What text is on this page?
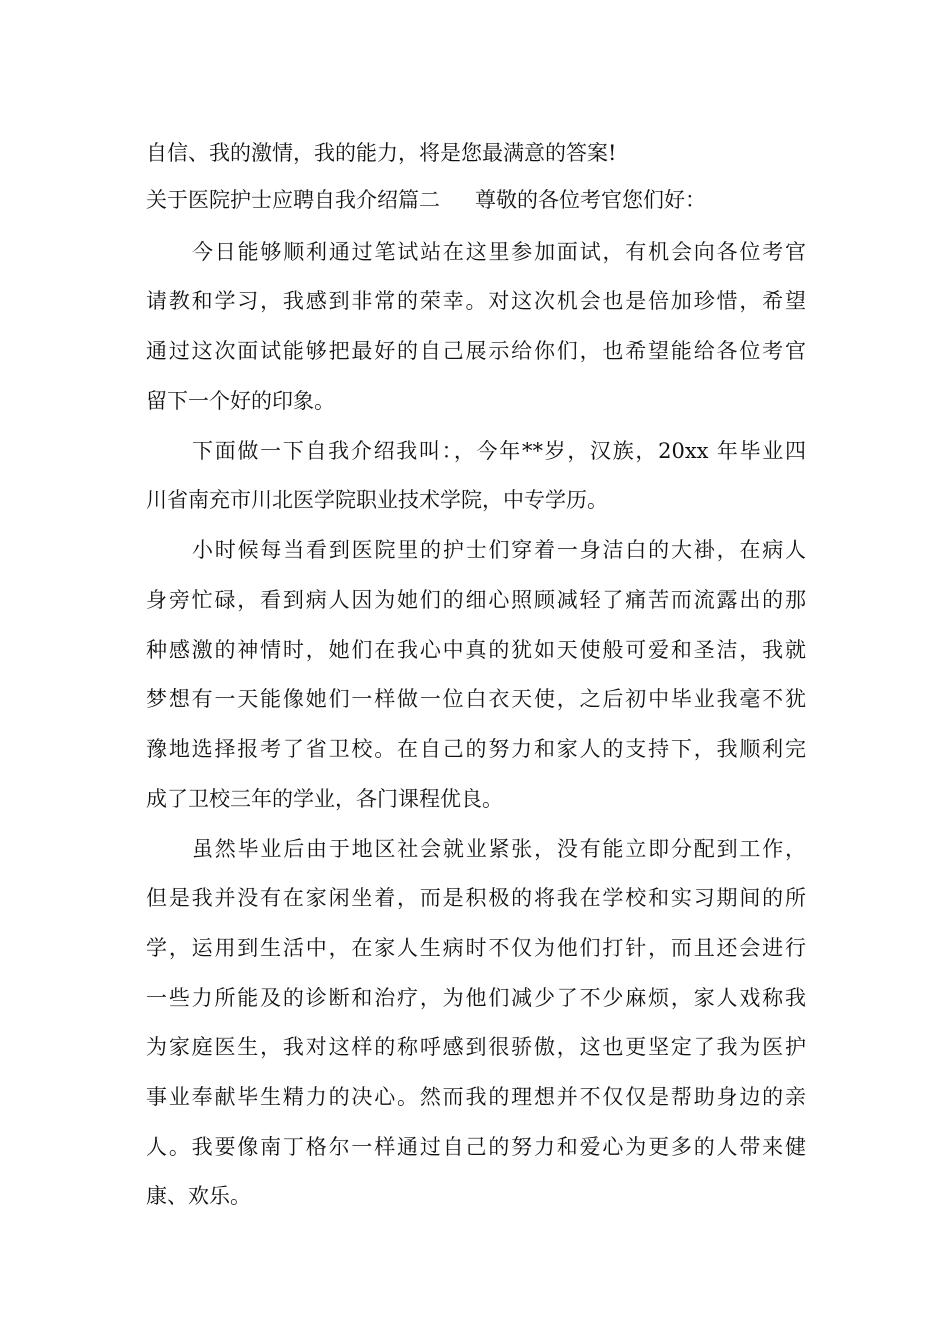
自信、我的激情，我的能力，将是您最满意的答案!

关于医院护士应聘自我介绍篇二 尊敬的各位考官您们好：

今日能够顺利通过笔试站在这里参加面试，有机会向各位考官

请教和学习，我感到非常的荣幸。对这次机会也是倍加珍惜，希望

通过这次面试能够把最好的自己展示给你们，也希望能给各位考官

留下一个好的印象。

下面做一下自我介绍我叫：，今年**岁，汉族，20xx 年毕业四

川省南充市川北医学院职业技术学院，中专学历。

小时候每当看到医院里的护士们穿着一身洁白的大褂，在病人

身旁忙碌，看到病人因为她们的细心照顾减轻了痛苦而流露出的那

种感激的神情时，她们在我心中真的犹如天使般可爱和圣洁，我就

梦想有一天能像她们一样做一位白衣天使，之后初中毕业我毫不犹

豫地选择报考了省卫校。在自己的努力和家人的支持下，我顺利完

成了卫校三年的学业，各门课程优良。

虽然毕业后由于地区社会就业紧张，没有能立即分配到工作，

但是我并没有在家闲坐着，而是积极的将我在学校和实习期间的所

学，运用到生活中，在家人生病时不仅为他们打针，而且还会进行

一些力所能及的诊断和治疗，为他们减少了不少麻烦，家人戏称我

为家庭医生，我对这样的称呼感到很骄傲，这也更坚定了我为医护

事业奉献毕生精力的决心。然而我的理想并不仅仅是帮助身边的亲

人。我要像南丁格尔一样通过自己的努力和爱心为更多的人带来健

康、欢乐。
